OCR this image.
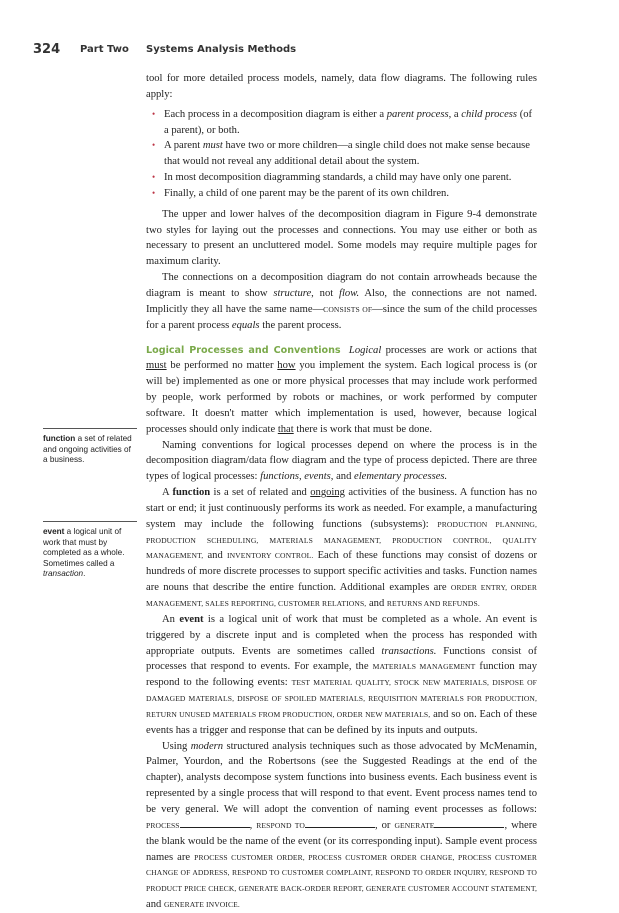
324 Part Two Systems Analysis Methods
function a set of related and ongoing activities of a business.
event a logical unit of work that must by completed as a whole. Sometimes called a transaction.

tool for more detailed process models, namely, data flow diagrams. The following rules apply:

• Each process in a decomposition diagram is either a parent process, a child process (of a parent), or both.
• A parent must have two or more children—a single child does not make sense because that would not reveal any additional detail about the system.
• In most decomposition diagramming standards, a child may have only one parent.
• Finally, a child of one parent may be the parent of its own children.

The upper and lower halves of the decomposition diagram in Figure 9-4 demonstrate two styles for laying out the processes and connections. You may use either or both as necessary to present an uncluttered model. Some models may require multiple pages for maximum clarity.

The connections on a decomposition diagram do not contain arrowheads because the diagram is meant to show structure, not flow. Also, the connections are not named. Implicitly they all have the same name—CONSISTS OF—since the sum of the child processes for a parent process equals the parent process.

Logical Processes and Conventions Logical processes are work or actions that must be performed no matter how you implement the system. Each logical process is (or will be) implemented as one or more physical processes that may include work performed by people, work performed by robots or machines, or work performed by computer software. It doesn't matter which implementation is used, however, because logical processes should only indicate that there is work that must be done.

Naming conventions for logical processes depend on where the process is in the decomposition diagram/data flow diagram and the type of process depicted. There are three types of logical processes: functions, events, and elementary processes.

A function is a set of related and ongoing activities of the business. A function has no start or end; it just continuously performs its work as needed. For example, a manufacturing system may include the following functions (subsystems): PRODUCTION PLANNING, PRODUCTION SCHEDULING, MATERIALS MANAGEMENT, PRODUCTION CONTROL, QUALITY MANAGEMENT, and INVENTORY CONTROL. Each of these functions may consist of dozens or hundreds of more discrete processes to support specific activities and tasks. Function names are nouns that describe the entire function. Additional examples are ORDER ENTRY, ORDER MANAGEMENT, SALES REPORTING, CUSTOMER RELATIONS, and RETURNS AND REFUNDS.

An event is a logical unit of work that must be completed as a whole. An event is triggered by a discrete input and is completed when the process has responded with appropriate outputs. Events are sometimes called transactions. Functions consist of processes that respond to events. For example, the MATERIALS MANAGEMENT function may respond to the following events: TEST MATERIAL QUALITY, STOCK NEW MATERIALS, DISPOSE OF DAMAGED MATERIALS, DISPOSE OF SPOILED MATERIALS, REQUISITION MATERIALS FOR PRODUCTION, RETURN UNUSED MATERIALS FROM PRODUCTION, ORDER NEW MATERIALS, and so on. Each of these events has a trigger and response that can be defined by its inputs and outputs.

Using modern structured analysis techniques such as those advocated by McMenamin, Palmer, Yourdon, and the Robertsons (see the Suggested Readings at the end of the chapter), analysts decompose system functions into business events. Each business event is represented by a single process that will respond to that event. Event process names tend to be very general. We will adopt the convention of naming event processes as follows: PROCESS	, RESPOND TO	, or GENERATE	, where the blank would be the name of the event (or its corresponding input). Sample event process names are PROCESS CUSTOMER ORDER, PROCESS CUSTOMER ORDER CHANGE, PROCESS CUSTOMER CHANGE OF ADDRESS, RESPOND TO CUSTOMER COMPLAINT, RESPOND TO ORDER INQUIRY, RESPOND TO PRODUCT PRICE CHECK, GENERATE BACK-ORDER REPORT, GENERATE CUSTOMER ACCOUNT STATEMENT, and GENERATE INVOICE.
